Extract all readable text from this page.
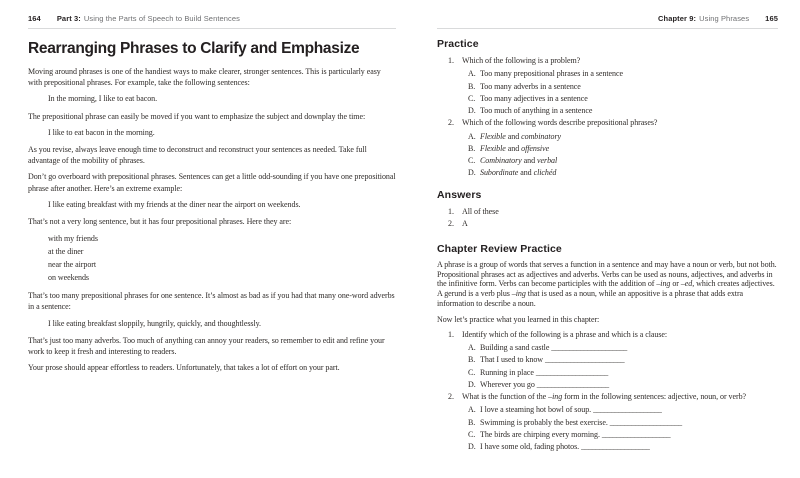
164 Part 3: Using the Parts of Speech to Build Sentences
Rearranging Phrases to Clarify and Emphasize

Moving around phrases is one of the handiest ways to make clearer, stronger sentences. This is particularly easy with prepositional phrases. For example, take the following sentences:

In the morning, I like to eat bacon.

The prepositional phrase can easily be moved if you want to emphasize the subject and downplay the time:

I like to eat bacon in the morning.

As you revise, always leave enough time to deconstruct and reconstruct your sentences as needed. Take full advantage of the mobility of phrases.

Don’t go overboard with prepositional phrases. Sentences can get a little odd-sounding if you have one prepositional phrase after another. Here’s an extreme example:

I like eating breakfast with my friends at the diner near the airport on weekends.

That’s not a very long sentence, but it has four prepositional phrases. Here they are:

with my friends
at the diner
near the airport
on weekends

That’s too many prepositional phrases for one sentence. It’s almost as bad as if you had that many one-word adverbs in a sentence:

I like eating breakfast sloppily, hungrily, quickly, and thoughtlessly.

That’s just too many adverbs. Too much of anything can annoy your readers, so remember to edit and refine your work to keep it fresh and interesting to readers.

Your prose should appear effortless to readers. Unfortunately, that takes a lot of effort on your part.

Chapter 9: Using Phrases 165
Practice
1.	Which of the following is a problem?
A. Too many prepositional phrases in a sentence
B. Too many adverbs in a sentence
C. Too many adjectives in a sentence
D. Too much of anything in a sentence
2.	Which of the following words describe prepositional phrases?
A. Flexible and combinatory
B. Flexible and offensive
C. Combinatory and verbal
D. Subordinate and clichéd
Answers
1.	All of these
2.	A
Chapter Review Practice

A phrase is a group of words that serves a function in a sentence and may have a noun or verb, but not both. Propositional phrases act as adjectives and adverbs. Verbs can be used as nouns, adjectives, and adverbs in the infinitive form. Verbs can become participles with the addition of –ing or –ed, which creates adjectives. A gerund is a verb plus –ing that is used as a noun, while an appositive is a phrase that adds extra information to describe a noun.

Now let’s practice what you learned in this chapter:

1.	Identify which of the following is a phrase and which is a clause:
A. Building a sand castle _____________________
B. That I used to know ______________________
C. Running in place ____________________
D. Wherever you go ____________________
2.	What is the function of the –ing form in the following sentences: adjective, noun, or verb?
A. I love a steaming hot bowl of soup. ___________________
B. Swimming is probably the best exercise. ____________________
C. The birds are chirping every morning. ___________________
D. I have some old, fading photos. ___________________
